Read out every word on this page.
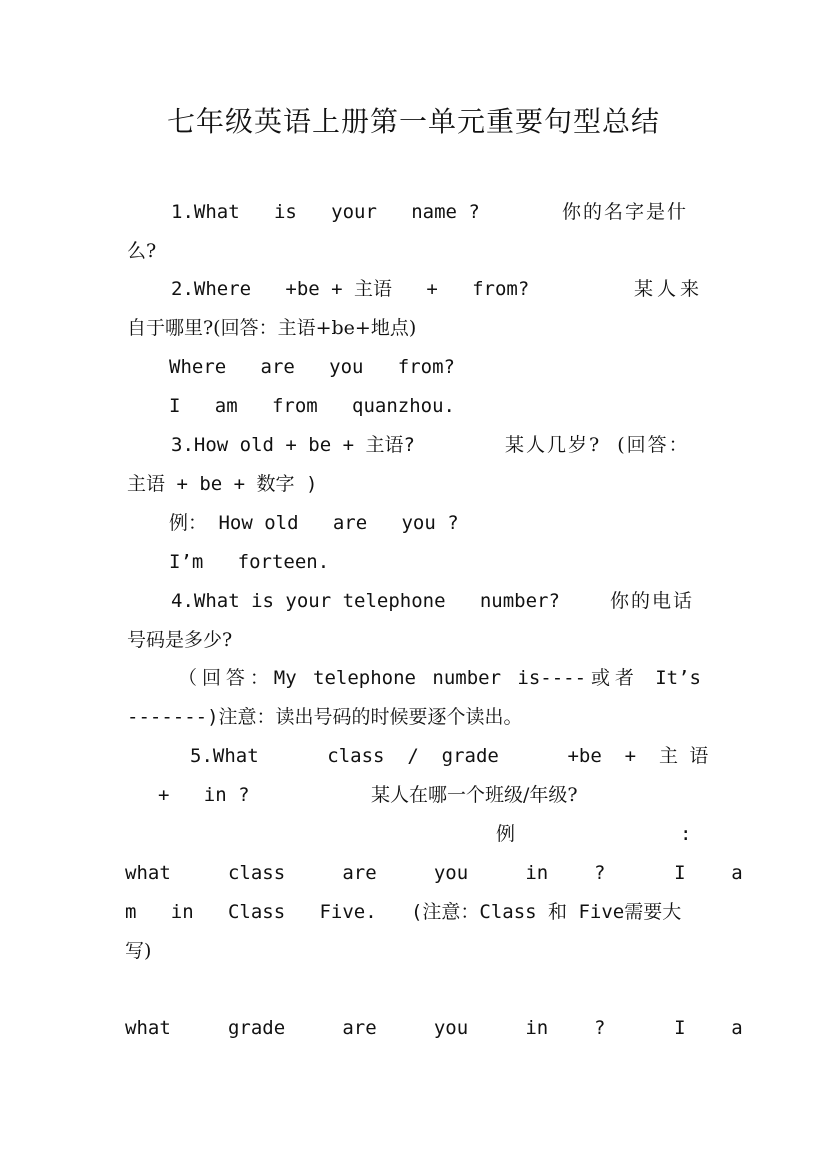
七年级英语上册第一单元重要句型总结
1.What   is   your   name ?	你的名字是什
么?
2.Where   +be + 主语   +   from?	某人来
自于哪里?(回答：主语+be+地点)
Where   are   you   from?
I   am   from   quanzhou.
3.How old + be + 主语?	某人几岁?  (回答：
主语 + be + 数字 )
例： How old   are   you ?
I’m   forteen.
4.What is your telephone   number?	你的电话
号码是多少?
（回答：My telephone number is----或者 It’s
-------)注意：读出号码的时候要逐个读出。
5.What      class  /  grade      +be  +  主 语
+   in ?	某人在哪一个班级/年级?
例	:
what     class     are     you     in    ?      I    a
m   in   Class   Five.   (注意：Class 和 Five需要大
写)
what     grade     are     you     in    ?      I    a
